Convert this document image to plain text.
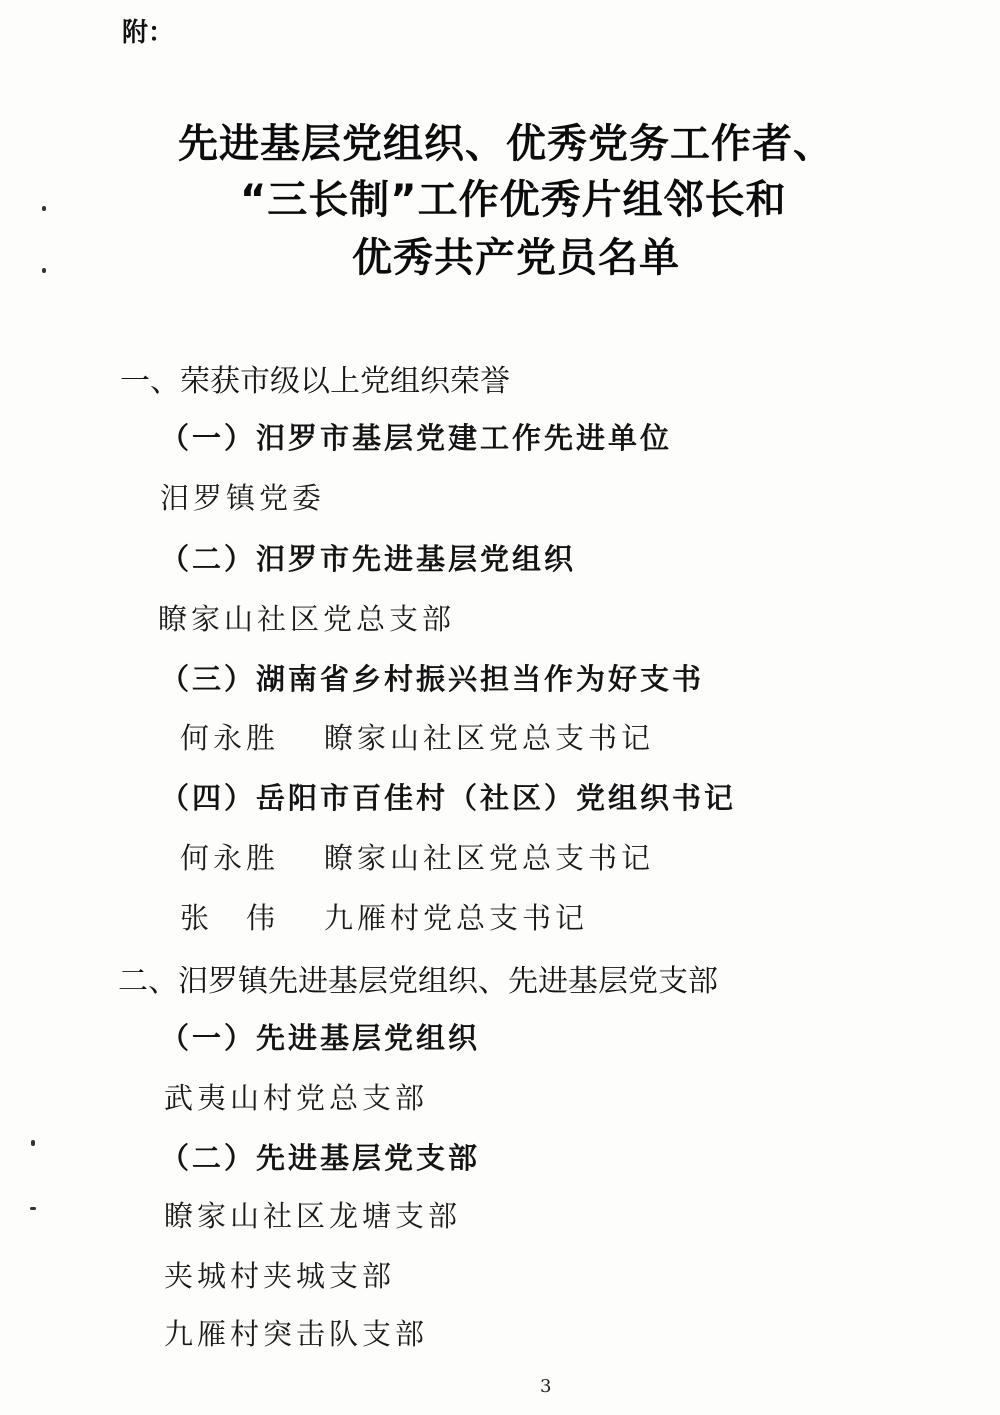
附：
先进基层党组织、优秀党务工作者、
“三长制”工作优秀片组邻长和
优秀共产党员名单
一、荣获市级以上党组织荣誉
（一）汨罗市基层党建工作先进单位
汨罗镇党委
（二）汨罗市先进基层党组织
瞭家山社区党总支部
（三）湖南省乡村振兴担当作为好支书
何永胜 瞭家山社区党总支书记
（四）岳阳市百佳村（社区）党组织书记
何永胜 瞭家山社区党总支书记
张　伟 九雁村党总支书记
二、汨罗镇先进基层党组织、先进基层党支部
（一）先进基层党组织
武夷山村党总支部
（二）先进基层党支部
瞭家山社区龙塘支部
夹城村夹城支部
九雁村突击队支部
3
